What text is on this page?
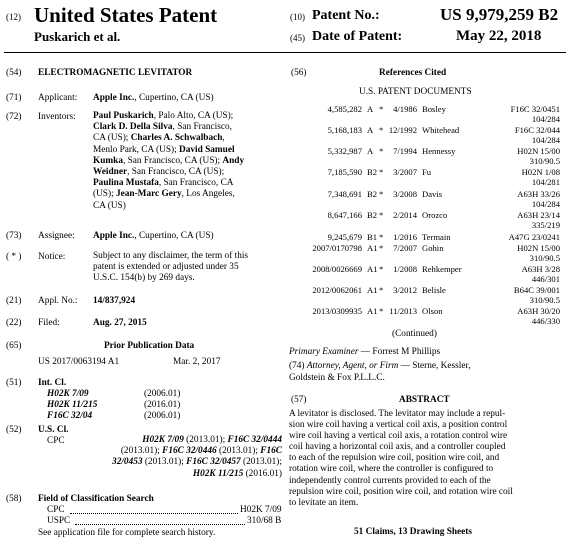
(12) United States Patent
Puskarich et al.
(10) Patent No.:	US 9,979,259 B2
(45) Date of Patent:	May 22, 2018
(54) ELECTROMAGNETIC LEVITATOR
(71) Applicant: Apple Inc., Cupertino, CA (US)
(72) Inventors: Paul Puskarich, Palo Alto, CA (US);
Clark D. Della Silva, San Francisco,
CA (US); Charles A. Schwalbach,
Menlo Park, CA (US); David Samuel
Kumka, San Francisco, CA (US); Andy
Weidner, San Francisco, CA (US);
Paulina Mustafa, San Francisco, CA
(US); Jean-Marc Gery, Los Angeles,
CA (US)
(73) Assignee: Apple Inc., Cupertino, CA (US)
( * ) Notice:	Subject to any disclaimer, the term of this
patent is extended or adjusted under 35
U.S.C. 154(b) by 269 days.
(21) Appl. No.: 14/837,924
(22) Filed:	Aug. 27, 2015
(65)	Prior Publication Data
US 2017/0063194 A1	Mar. 2, 2017
(51) Int. Cl.
H02K 7/09	(2006.01)
H02K 11/215	(2016.01)
F16C 32/04	(2006.01)
(52) U.S. Cl.
CPC	H02K 7/09 (2013.01); F16C 32/0444
(2013.01); F16C 32/0446 (2013.01); F16C
32/0453 (2013.01); F16C 32/0457 (2013.01);
H02K 11/215 (2016.01)
(58) Field of Classification Search
CPC	H02K 7/09
USPC	310/68 B
See application file for complete search history.
(56)	References Cited
U.S. PATENT DOCUMENTS
4,585,282 A *	4/1986 Bosley	F16C 32/0451
104/284
5,168,183 A * 12/1992 Whitehead	F16C 32/044
104/284
5,332,987 A *	7/1994 Hennessy	H02N 15/00
310/90.5
7,185,590 B2 *	3/2007 Fu	H02N 1/08
104/281
7,348,691 B2 *	3/2008 Davis	A63H 33/26
104/284
8,647,166 B2 *	2/2014 Orozco	A63H 23/14
335/219
9,245,679 B1 *	1/2016 Termain	A47G 23/0241
2007/0170798 A1 *	7/2007 Gohin	H02N 15/00
310/90.5
2008/0026669 A1 *	1/2008 Rehkemper	A63H 3/28
446/301
2012/0062061 A1 *	3/2012 Belisle	B64C 39/001
310/90.5
2013/0309935 A1 * 11/2013 Olson	A63H 30/20
446/330
(Continued)
Primary Examiner — Forrest M Phillips
(74) Attorney, Agent, or Firm — Sterne, Kessler,
Goldstein & Fox P.L.L.C.
(57)	ABSTRACT
A levitator is disclosed. The levitator may include a repul-
sion wire coil having a vertical coil axis, a position control
wire coil having a vertical coil axis, a rotation control wire
coil having a horizontal coil axis, and a controller coupled
to each of the repulsion wire coil, position wire coil, and
rotation wire coil, where the controller is configured to
independently control currents provided to each of the
repulsion wire coil, position wire coil, and rotation wire coil
to levitate an item.
51 Claims, 13 Drawing Sheets
